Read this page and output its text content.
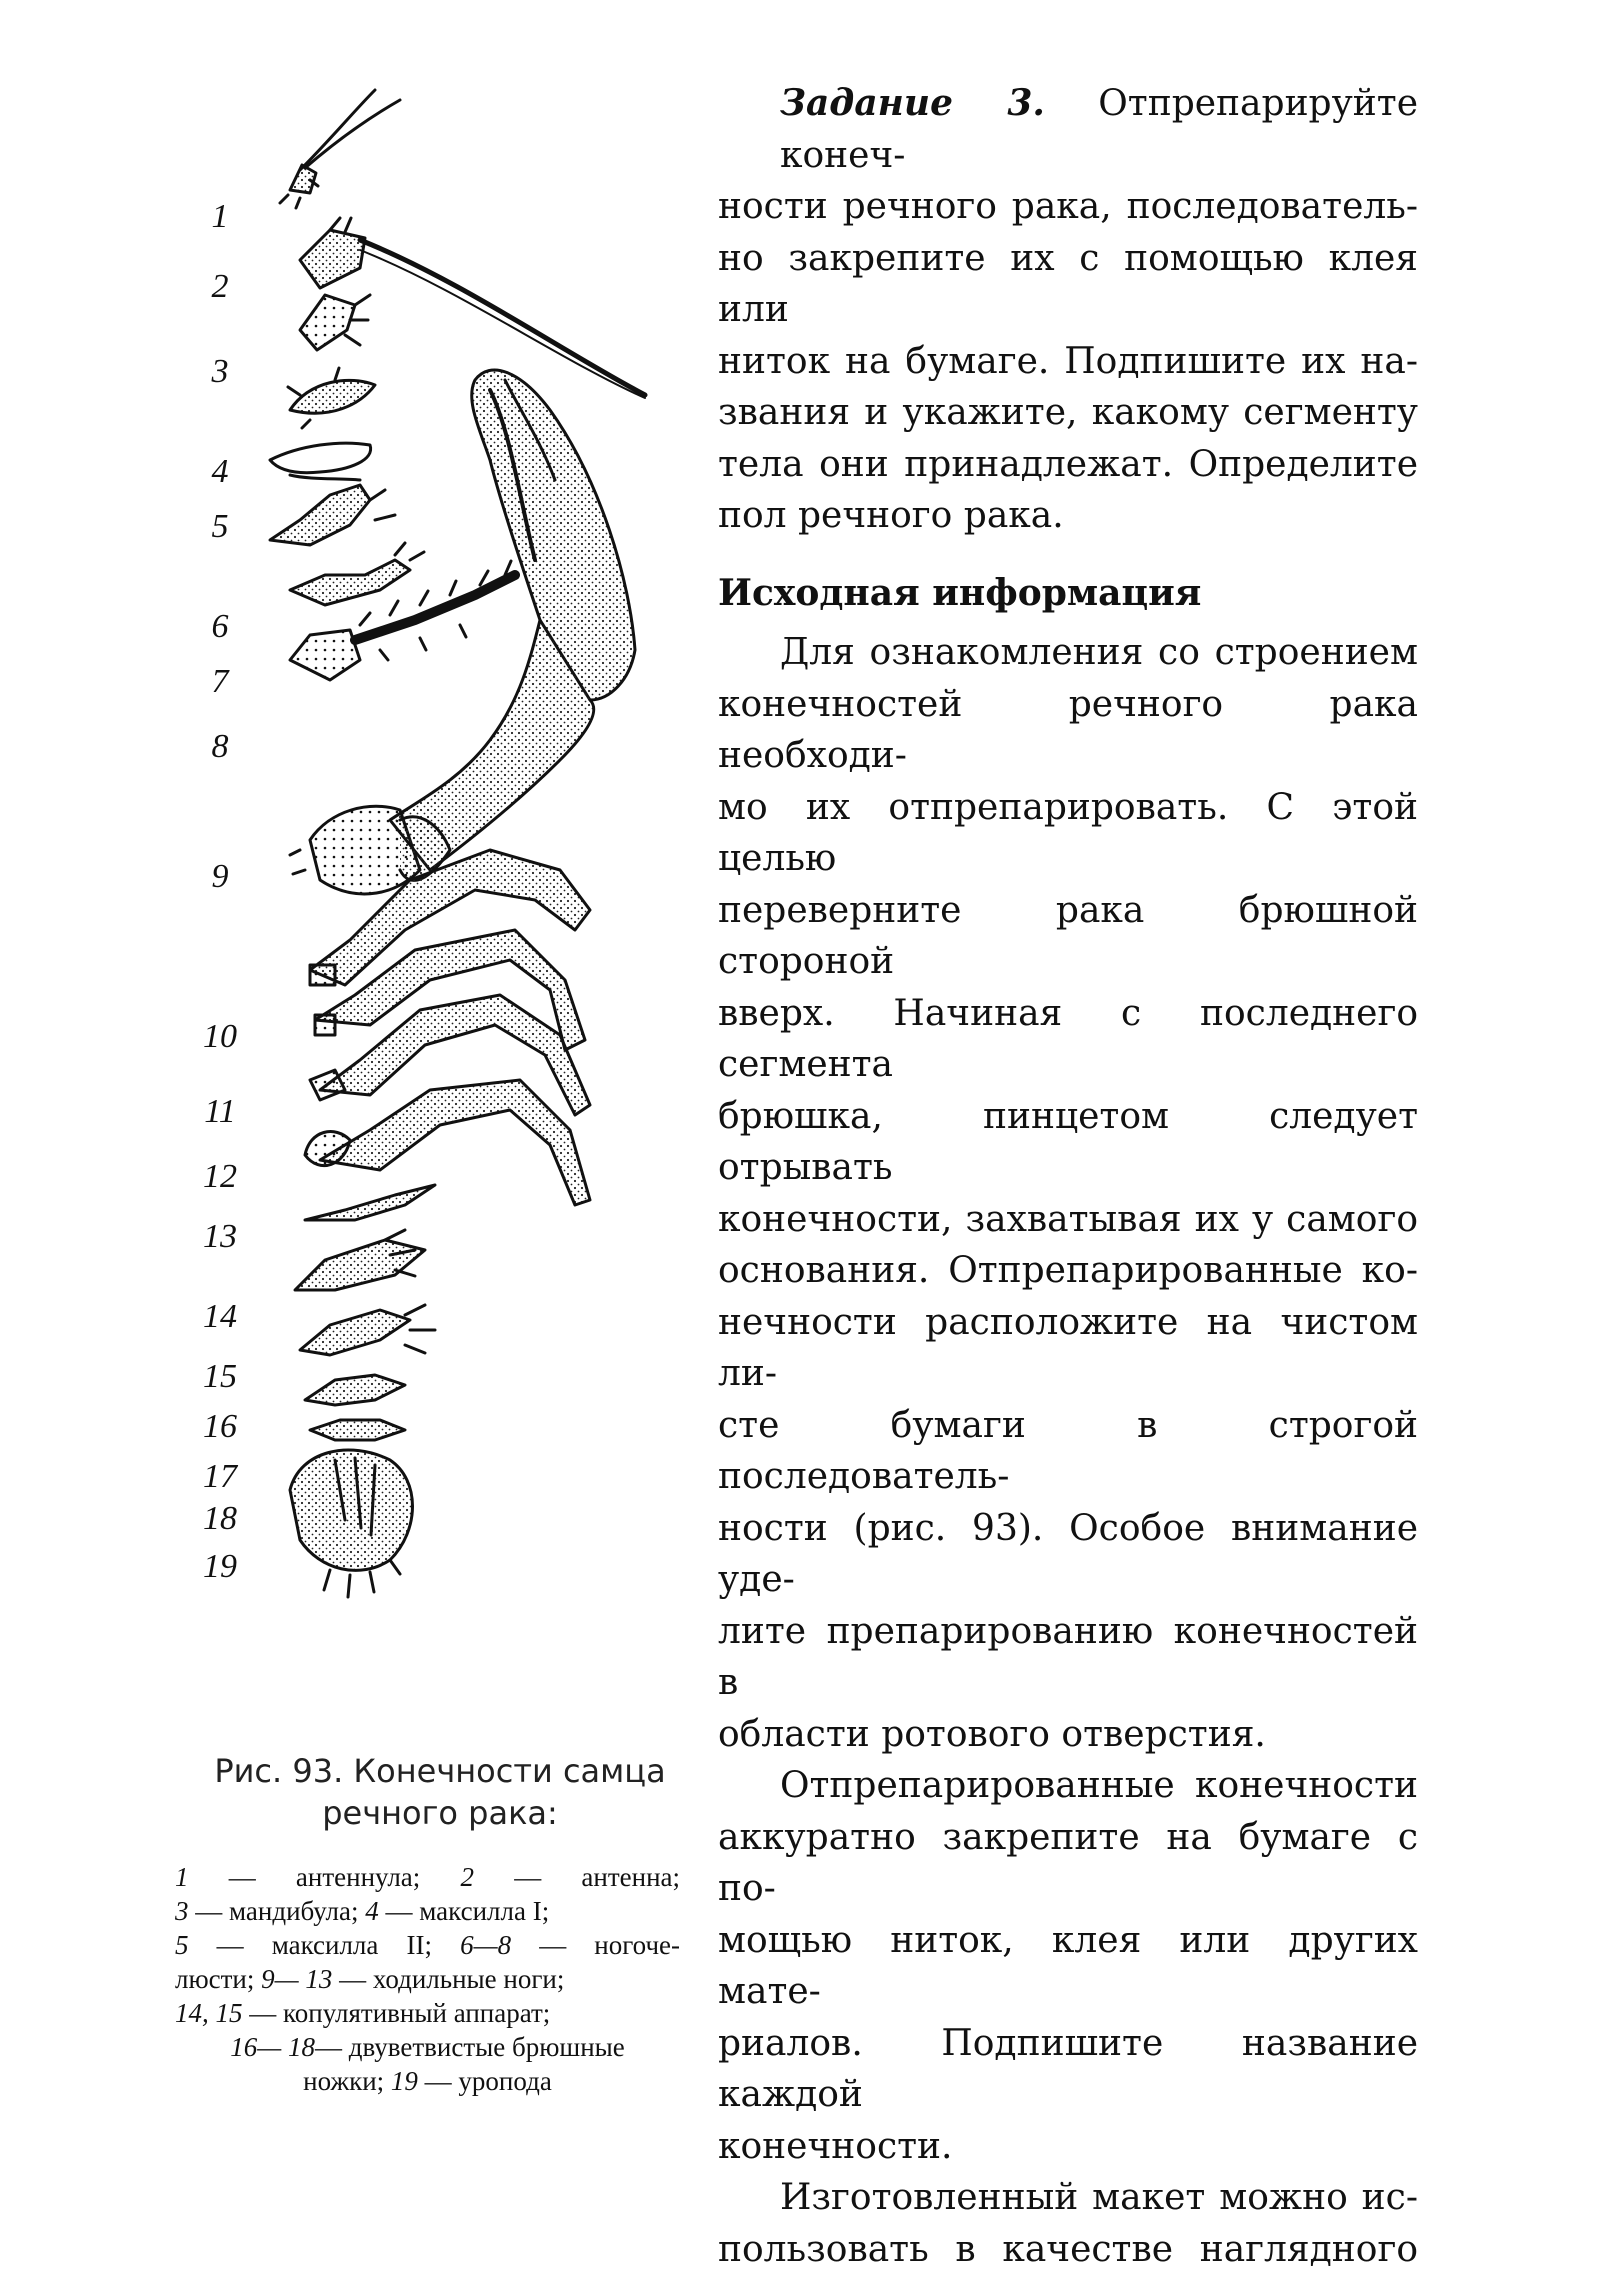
1
2
3
4
5
6
7
8
9
10
11
12
13
14
15
16
17
18
19
Рис. 93. Конечности самца
речного рака:
1 — антеннула; 2 — антенна;
3 — мандибула; 4 — максилла I;
5 — максилла II; 6—8 — ногоче-
люсти; 9— 13 — ходильные ноги;
14, 15 — копулятивный аппарат;
16— 18— двуветвистые брюшные
ножки; 19 — уропода
Задание 3. Отпрепарируйте конеч-
ности речного рака, последователь-
но закрепите их с помощью клея
или
ниток на бумаге. Подпишите их на-
звания и укажите, какому сегменту
тела они принадлежат. Определите
пол речного рака.
Исходная информация
Для ознакомления со строением
конечностей речного рака
необходи-
мо их отпрепарировать. С этой
целью
переверните рака брюшной
стороной
вверх. Начиная с последнего
сегмента
брюшка, пинцетом следует
отрывать
конечности, захватывая их у самого
основания. Отпрепарированные ко-
нечности расположите на чистом
ли-
сте бумаги в строгой последователь-
ности (рис. 93). Особое внимание
уде-
лите препарированию конечностей
в
области ротового отверстия.
Отпрепарированные конечности
аккуратно закрепите на бумаге с по-
мощью ниток, клея или других
мате-
риалов. Подпишите название
каждой
конечности.
Изготовленный макет можно ис-
пользовать в качестве наглядного
